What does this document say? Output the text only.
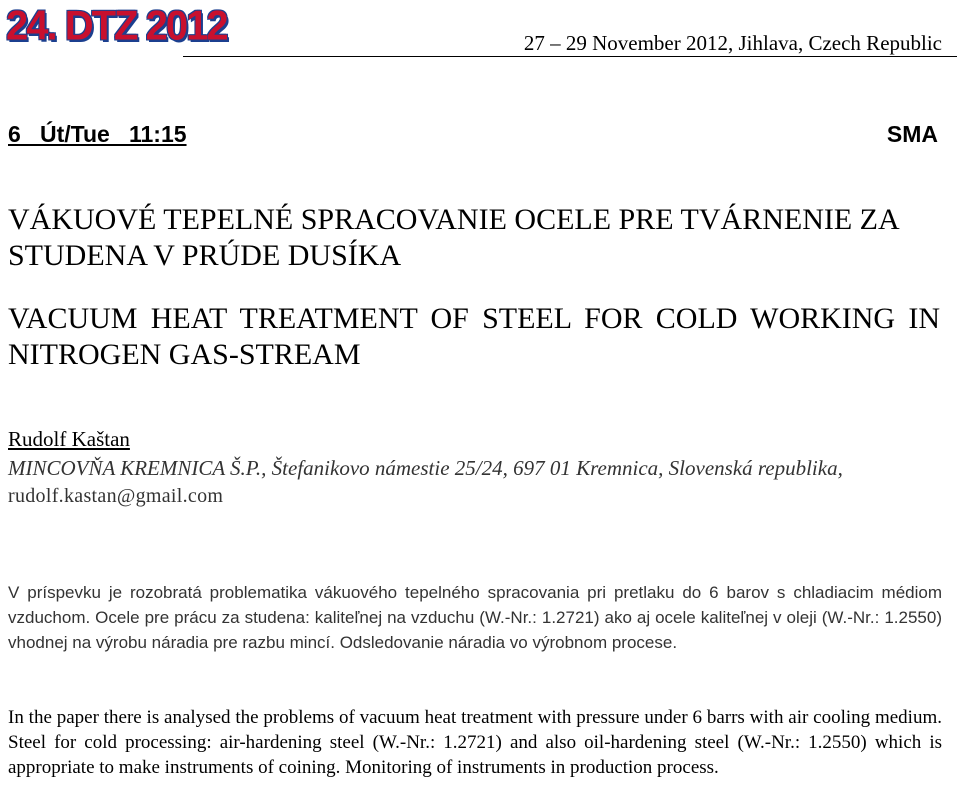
24. DTZ 2012	27 – 29 November 2012, Jihlava, Czech Republic
6   Út/Tue   11:15	SMA
VÁKUOVÉ TEPELNÉ SPRACOVANIE OCELE PRE TVÁRNENIE ZA STUDENA V PRÚDE DUSÍKA
VACUUM HEAT TREATMENT OF STEEL FOR COLD WORKING IN NITROGEN GAS-STREAM
Rudolf Kaštan
MINCOVŇA KREMNICA Š.P., Štefanikovo námestie 25/24, 697 01 Kremnica, Slovenská republika,
rudolf.kastan@gmail.com

V príspevku je rozobratá problematika vákuového tepelného spracovania pri pretlaku do 6 barov s chladiacim médiom vzduchom. Ocele pre prácu za studena: kaliteľnej na vzduchu (W.-Nr.: 1.2721) ako aj ocele kaliteľnej v oleji (W.-Nr.: 1.2550) vhodnej na výrobu náradia pre razbu mincí. Odsledovanie náradia vo výrobnom procese.

In the paper there is analysed the problems of vacuum heat treatment with pressure under 6 barrs with air cooling medium. Steel for cold processing: air-hardening steel (W.-Nr.: 1.2721) and also oil-hardening steel (W.-Nr.: 1.2550) which is appropriate to make instruments of coining. Monitoring of instruments in production process.
